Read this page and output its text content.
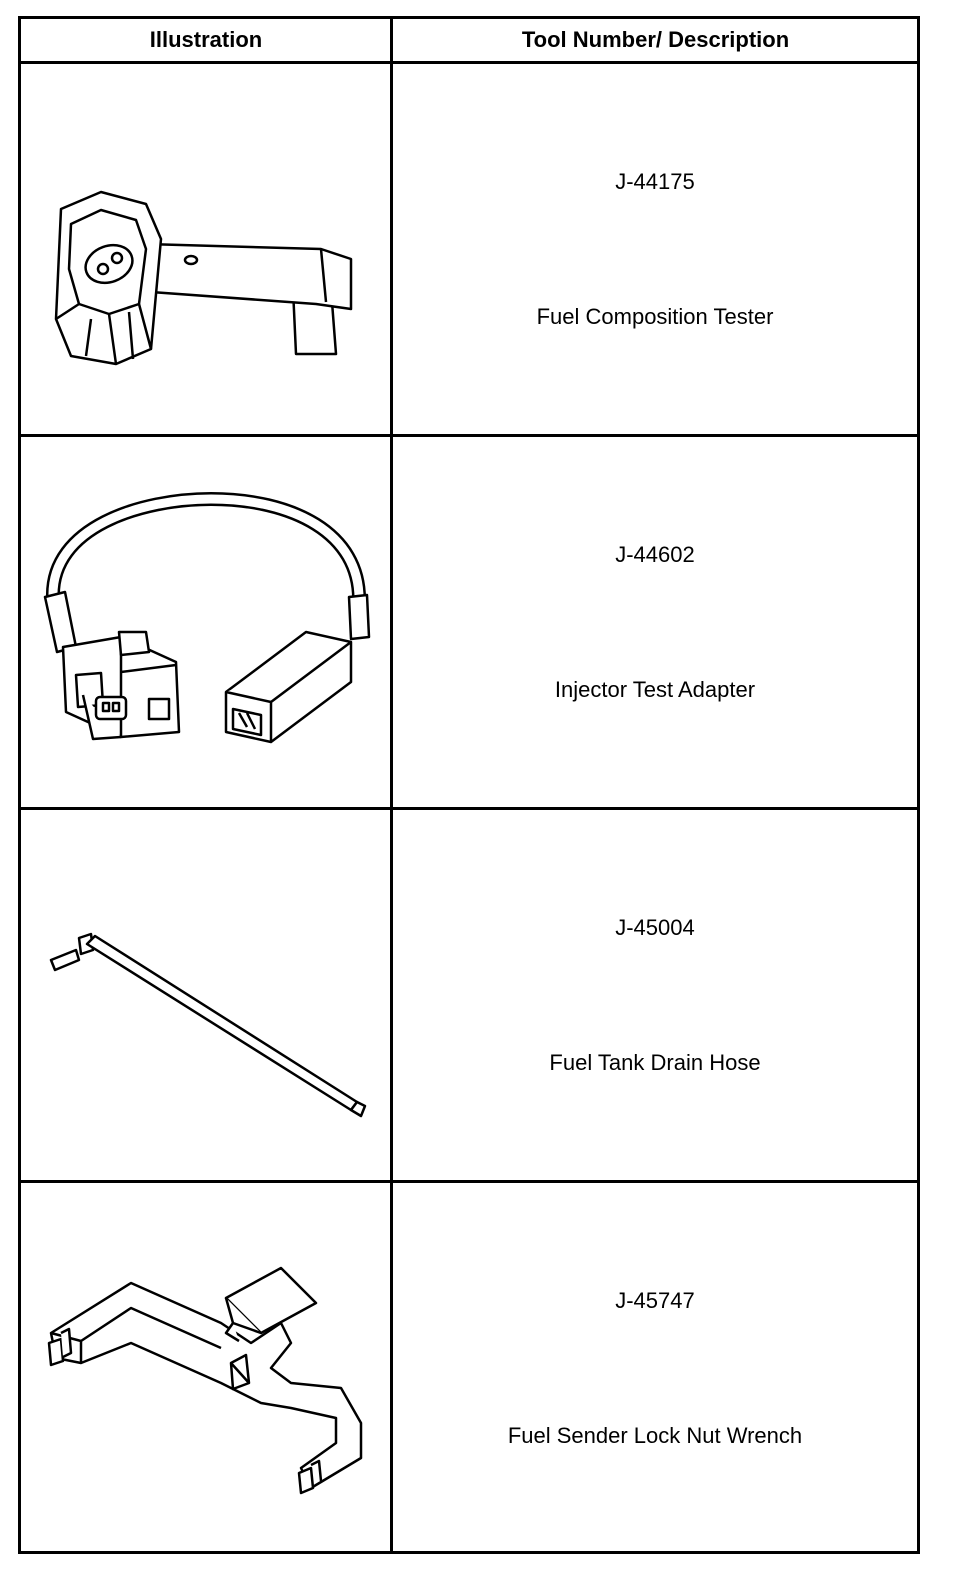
Illustration	Tool Number/ Description
J-44175
Fuel Composition Tester
J-44602
Injector Test Adapter
J-45004
Fuel Tank Drain Hose
J-45747
Fuel Sender Lock Nut Wrench
